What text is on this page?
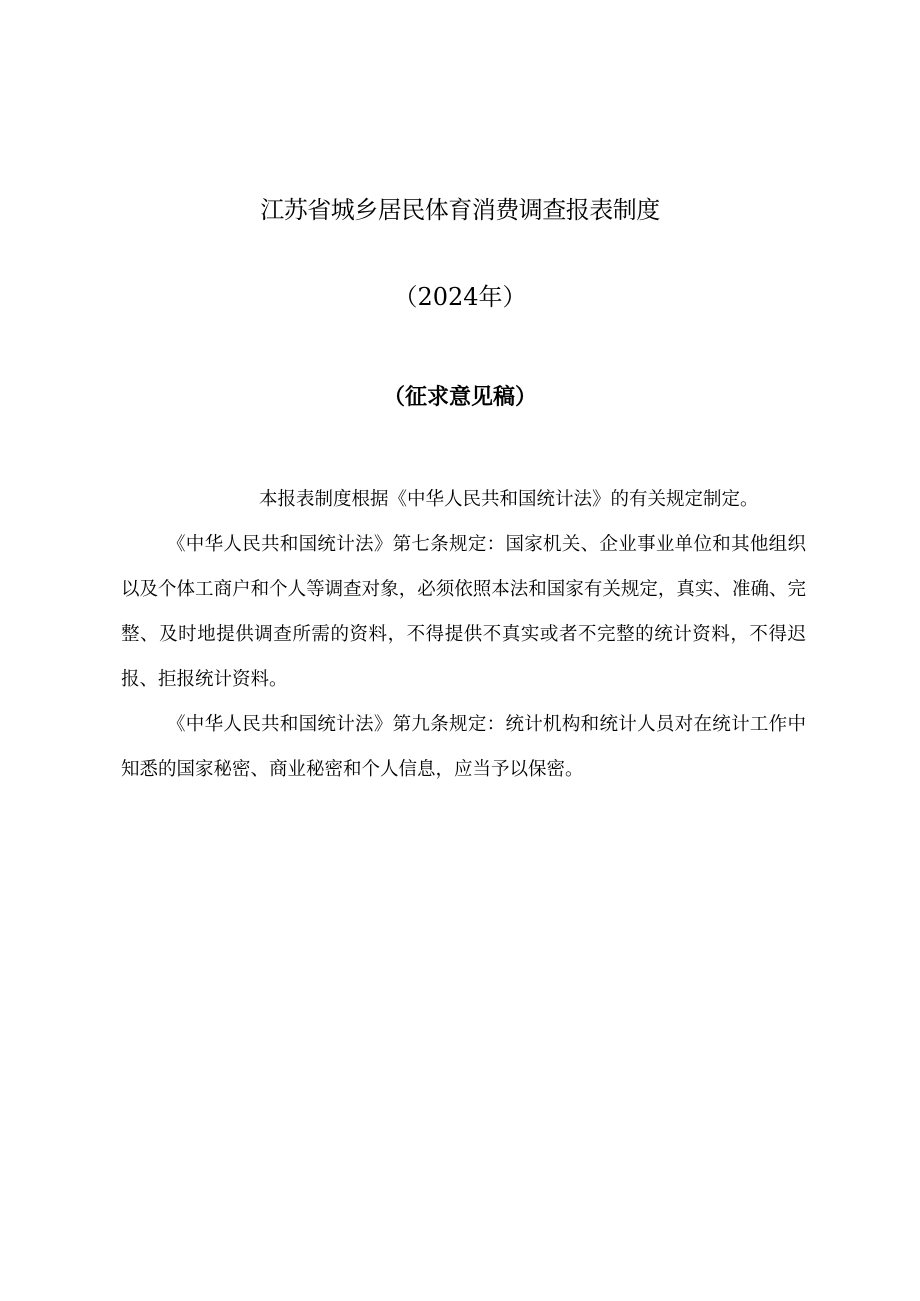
江苏省城乡居民体育消费调查报表制度
（2024年）
（征求意见稿）
本报表制度根据《中华人民共和国统计法》的有关规定制定。
《中华人民共和国统计法》第七条规定：国家机关、企业事业单位和其他组织以及个体工商户和个人等调查对象，必须依照本法和国家有关规定，真实、准确、完整、及时地提供调查所需的资料，不得提供不真实或者不完整的统计资料，不得迟报、拒报统计资料。
《中华人民共和国统计法》第九条规定：统计机构和统计人员对在统计工作中知悉的国家秘密、商业秘密和个人信息，应当予以保密。
